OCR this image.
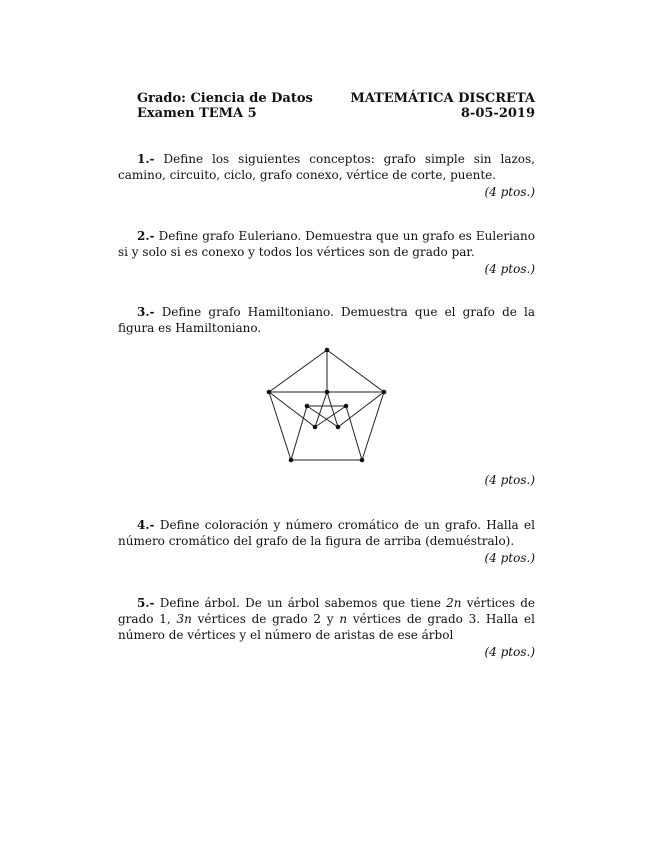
Grado: Ciencia de Datos
Examen TEMA 5
MATEMÁTICA DISCRETA
8-05-2019
1.- Define los siguientes conceptos: grafo simple sin lazos, camino, circuito, ciclo, grafo conexo, vértice de corte, puente.
(4 ptos.)
2.- Define grafo Euleriano. Demuestra que un grafo es Euleriano si y solo si es conexo y todos los vértices son de grado par.
(4 ptos.)
3.- Define grafo Hamiltoniano. Demuestra que el grafo de la figura es Hamiltoniano.
(4 ptos.)
4.- Define coloración y número cromático de un grafo. Halla el número cromático del grafo de la figura de arriba (demuéstralo).
(4 ptos.)
5.- Define árbol. De un árbol sabemos que tiene 2n vértices de grado 1, 3n vértices de grado 2 y n vértices de grado 3. Halla el número de vértices y el número de aristas de ese árbol
(4 ptos.)
